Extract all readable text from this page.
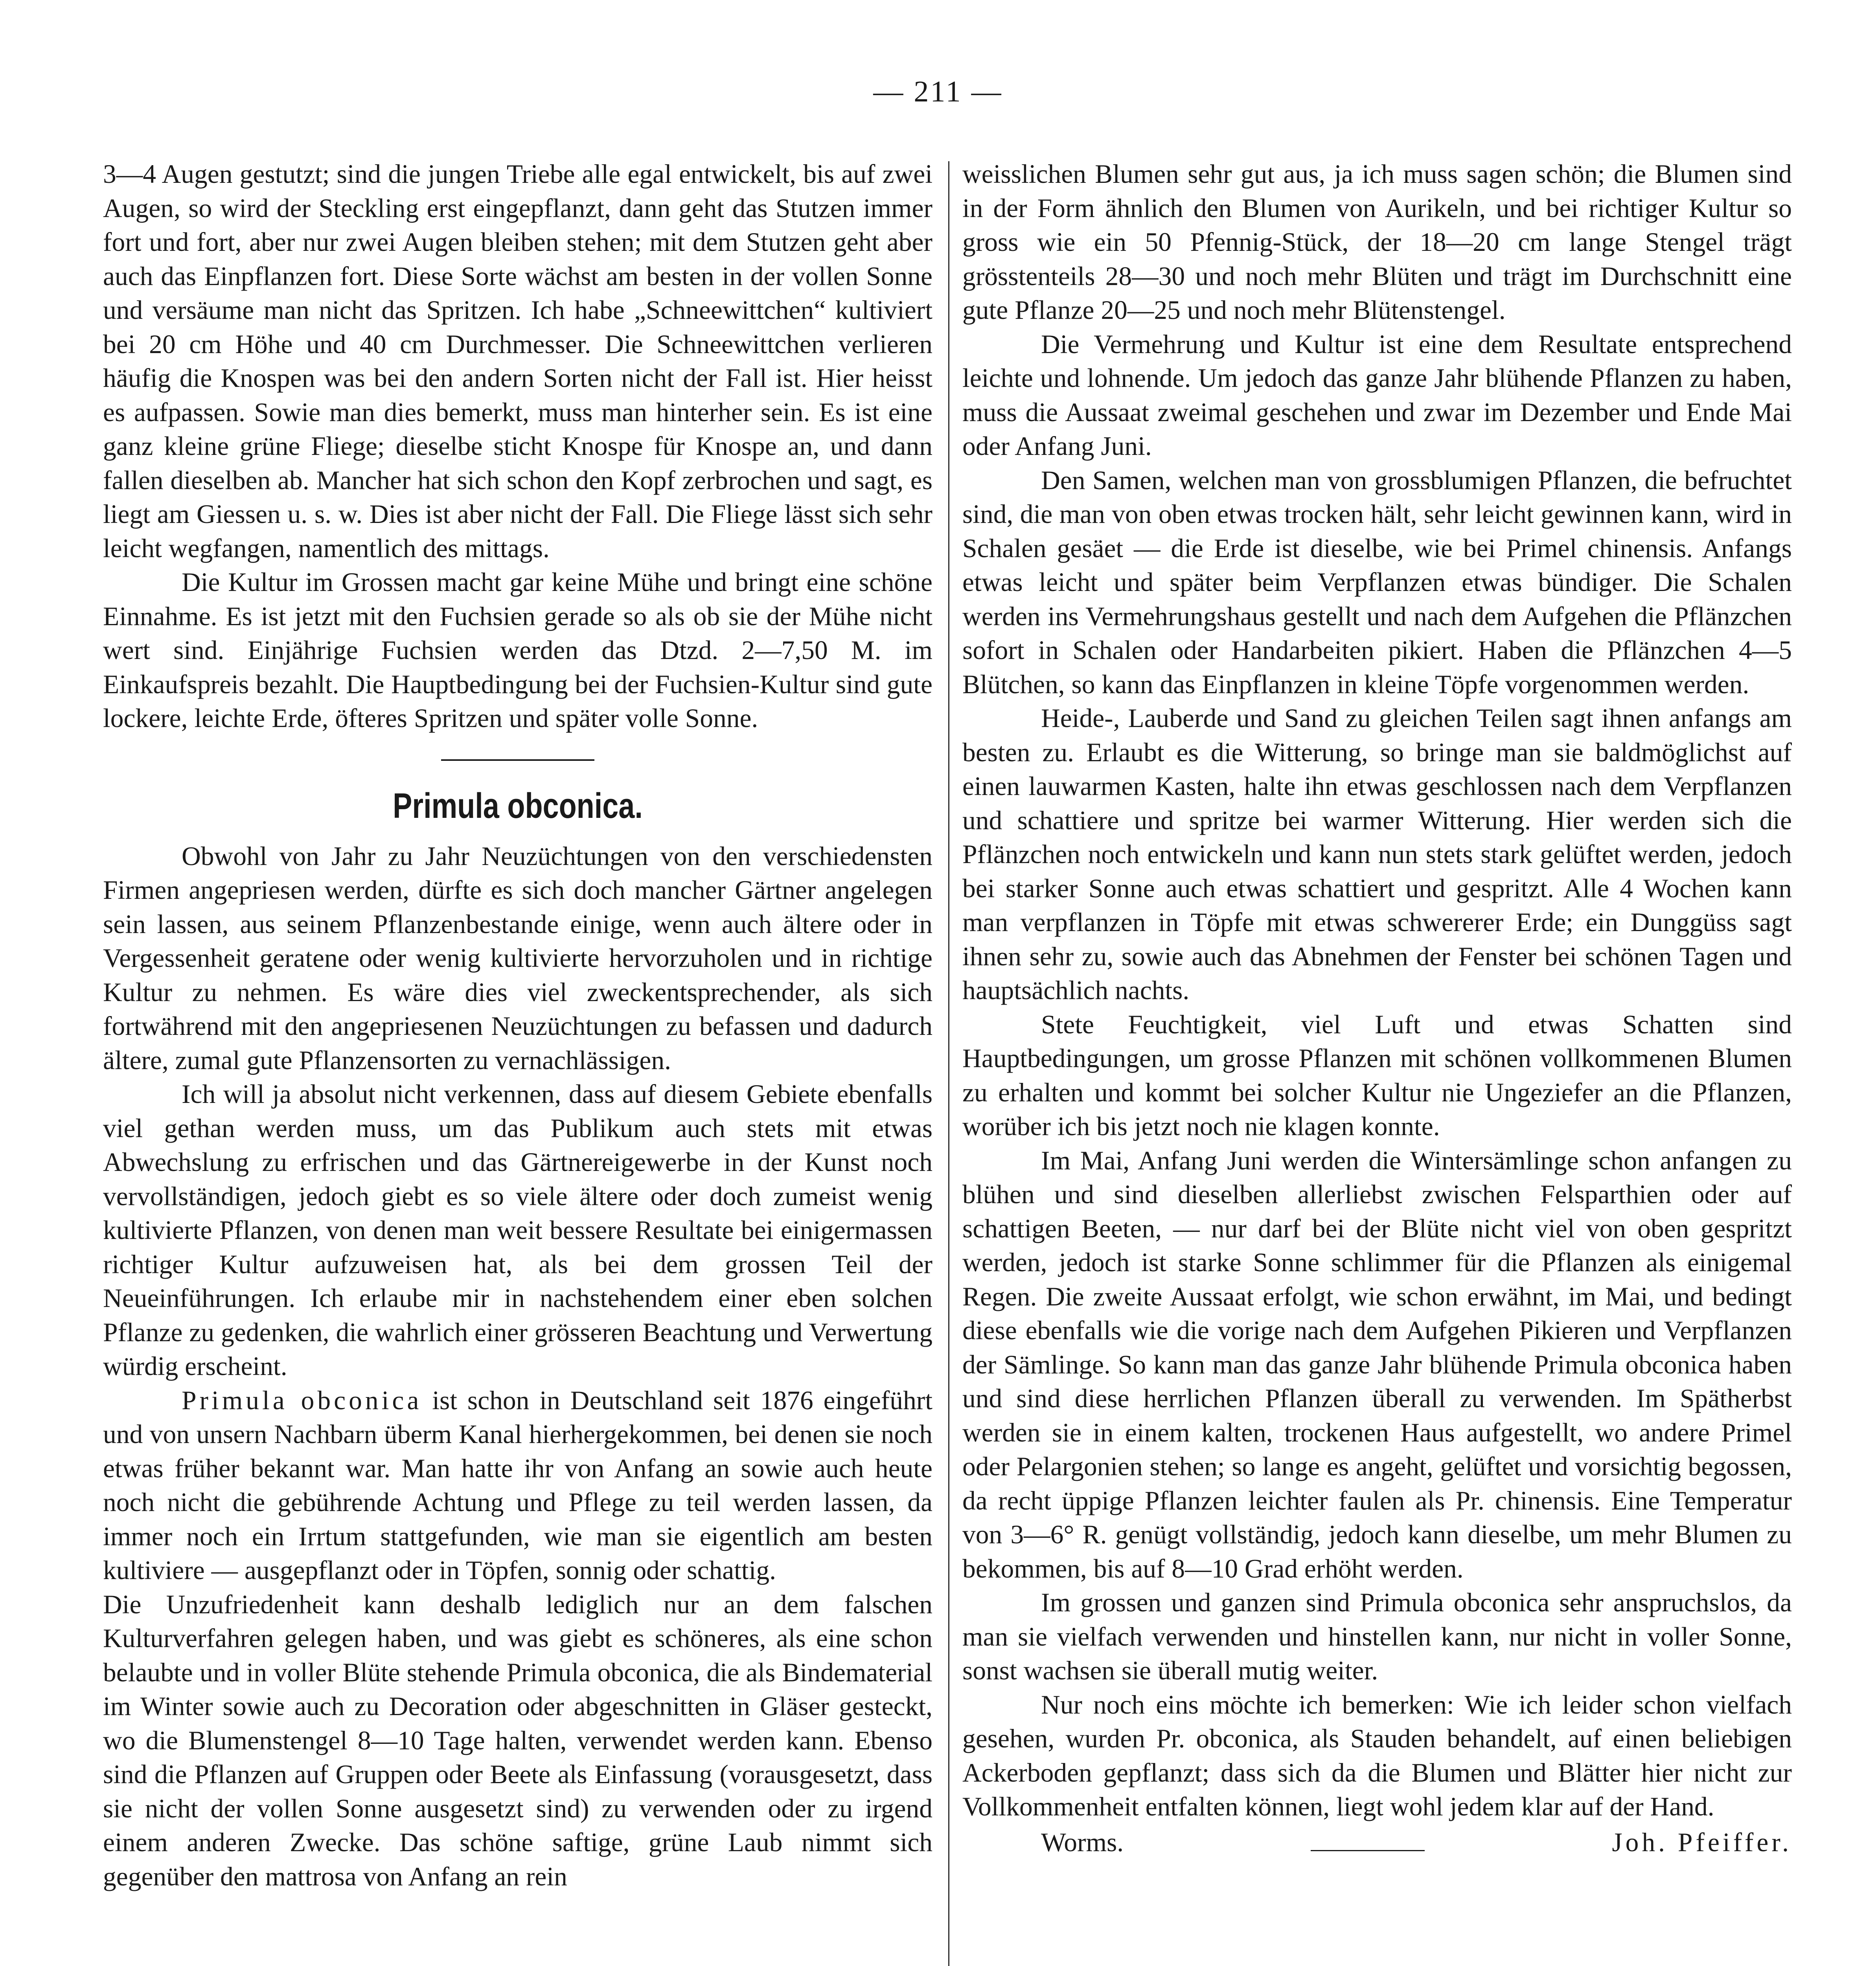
— 211 —

3—4 Augen gestutzt; sind die jungen Triebe alle egal entwickelt, bis auf zwei Augen, so wird der Steckling erst eingepflanzt, dann geht das Stutzen immer fort und fort, aber nur zwei Augen bleiben stehen; mit dem Stutzen geht aber auch das Einpflanzen fort. Diese Sorte wächst am besten in der vollen Sonne und versäume man nicht das Spritzen. Ich habe „Schneewittchen“ kultiviert bei 20 cm Höhe und 40 cm Durchmesser. Die Schneewittchen verlieren häufig die Knospen was bei den andern Sorten nicht der Fall ist. Hier heisst es aufpassen. Sowie man dies bemerkt, muss man hinterher sein. Es ist eine ganz kleine grüne Fliege; dieselbe sticht Knospe für Knospe an, und dann fallen dieselben ab. Mancher hat sich schon den Kopf zerbrochen und sagt, es liegt am Giessen u. s. w. Dies ist aber nicht der Fall. Die Fliege lässt sich sehr leicht wegfangen, namentlich des mittags.

Die Kultur im Grossen macht gar keine Mühe und bringt eine schöne Einnahme. Es ist jetzt mit den Fuchsien gerade so als ob sie der Mühe nicht wert sind. Einjährige Fuchsien werden das Dtzd. 2—7,50 M. im Einkaufspreis bezahlt. Die Hauptbedingung bei der Fuchsien-Kultur sind gute lockere, leichte Erde, öfteres Spritzen und später volle Sonne.

Primula obconica.

Obwohl von Jahr zu Jahr Neuzüchtungen von den verschiedensten Firmen angepriesen werden, dürfte es sich doch mancher Gärtner angelegen sein lassen, aus seinem Pflanzenbestande einige, wenn auch ältere oder in Vergessenheit geratene oder wenig kultivierte hervorzuholen und in richtige Kultur zu nehmen. Es wäre dies viel zweckentsprechender, als sich fortwährend mit den angepriesenen Neuzüchtungen zu befassen und dadurch ältere, zumal gute Pflanzensorten zu vernachlässigen.

Ich will ja absolut nicht verkennen, dass auf diesem Gebiete ebenfalls viel gethan werden muss, um das Publikum auch stets mit etwas Abwechslung zu erfrischen und das Gärtnereigewerbe in der Kunst noch vervollständigen, jedoch giebt es so viele ältere oder doch zumeist wenig kultivierte Pflanzen, von denen man weit bessere Resultate bei einigermassen richtiger Kultur aufzuweisen hat, als bei dem grossen Teil der Neueinführungen. Ich erlaube mir in nachstehendem einer eben solchen Pflanze zu gedenken, die wahrlich einer grösseren Beachtung und Verwertung würdig erscheint.

Primula obconica ist schon in Deutschland seit 1876 eingeführt und von unsern Nachbarn überm Kanal hierhergekommen, bei denen sie noch etwas früher bekannt war. Man hatte ihr von Anfang an sowie auch heute noch nicht die gebührende Achtung und Pflege zu teil werden lassen, da immer noch ein Irrtum stattgefunden, wie man sie eigentlich am besten kultiviere — ausgepflanzt oder in Töpfen, sonnig oder schattig.

Die Unzufriedenheit kann deshalb lediglich nur an dem falschen Kulturverfahren gelegen haben, und was giebt es schöneres, als eine schon belaubte und in voller Blüte stehende Primula obconica, die als Bindematerial im Winter sowie auch zu Decoration oder abgeschnitten in Gläser gesteckt, wo die Blumenstengel 8—10 Tage halten, verwendet werden kann. Ebenso sind die Pflanzen auf Gruppen oder Beete als Einfassung (vorausgesetzt, dass sie nicht der vollen Sonne ausgesetzt sind) zu verwenden oder zu irgend einem anderen Zwecke. Das schöne saftige, grüne Laub nimmt sich gegenüber den mattrosa von Anfang an rein

weisslichen Blumen sehr gut aus, ja ich muss sagen schön; die Blumen sind in der Form ähnlich den Blumen von Aurikeln, und bei richtiger Kultur so gross wie ein 50 Pfennig-Stück, der 18—20 cm lange Stengel trägt grösstenteils 28—30 und noch mehr Blüten und trägt im Durchschnitt eine gute Pflanze 20—25 und noch mehr Blütenstengel.

Die Vermehrung und Kultur ist eine dem Resultate entsprechend leichte und lohnende. Um jedoch das ganze Jahr blühende Pflanzen zu haben, muss die Aussaat zweimal geschehen und zwar im Dezember und Ende Mai oder Anfang Juni.

Den Samen, welchen man von grossblumigen Pflanzen, die befruchtet sind, die man von oben etwas trocken hält, sehr leicht gewinnen kann, wird in Schalen gesäet — die Erde ist dieselbe, wie bei Primel chinensis. Anfangs etwas leicht und später beim Verpflanzen etwas bündiger. Die Schalen werden ins Vermehrungshaus gestellt und nach dem Aufgehen die Pflänzchen sofort in Schalen oder Handarbeiten pikiert. Haben die Pflänzchen 4—5 Blütchen, so kann das Einpflanzen in kleine Töpfe vorgenommen werden.

Heide-, Lauberde und Sand zu gleichen Teilen sagt ihnen anfangs am besten zu. Erlaubt es die Witterung, so bringe man sie baldmöglichst auf einen lauwarmen Kasten, halte ihn etwas geschlossen nach dem Verpflanzen und schattiere und spritze bei warmer Witterung. Hier werden sich die Pflänzchen noch entwickeln und kann nun stets stark gelüftet werden, jedoch bei starker Sonne auch etwas schattiert und gespritzt. Alle 4 Wochen kann man verpflanzen in Töpfe mit etwas schwererer Erde; ein Dunggüss sagt ihnen sehr zu, sowie auch das Abnehmen der Fenster bei schönen Tagen und hauptsächlich nachts.

Stete Feuchtigkeit, viel Luft und etwas Schatten sind Hauptbedingungen, um grosse Pflanzen mit schönen vollkommenen Blumen zu erhalten und kommt bei solcher Kultur nie Ungeziefer an die Pflanzen, worüber ich bis jetzt noch nie klagen konnte.

Im Mai, Anfang Juni werden die Wintersämlinge schon anfangen zu blühen und sind dieselben allerliebst zwischen Felsparthien oder auf schattigen Beeten, — nur darf bei der Blüte nicht viel von oben gespritzt werden, jedoch ist starke Sonne schlimmer für die Pflanzen als einigemal Regen. Die zweite Aussaat erfolgt, wie schon erwähnt, im Mai, und bedingt diese ebenfalls wie die vorige nach dem Aufgehen Pikieren und Verpflanzen der Sämlinge. So kann man das ganze Jahr blühende Primula obconica haben und sind diese herrlichen Pflanzen überall zu verwenden. Im Spätherbst werden sie in einem kalten, trockenen Haus aufgestellt, wo andere Primel oder Pelargonien stehen; so lange es angeht, gelüftet und vorsichtig begossen, da recht üppige Pflanzen leichter faulen als Pr. chinensis. Eine Temperatur von 3—6° R. genügt vollständig, jedoch kann dieselbe, um mehr Blumen zu bekommen, bis auf 8—10 Grad erhöht werden.

Im grossen und ganzen sind Primula obconica sehr anspruchslos, da man sie vielfach verwenden und hinstellen kann, nur nicht in voller Sonne, sonst wachsen sie überall mutig weiter.

Nur noch eins möchte ich bemerken: Wie ich leider schon vielfach gesehen, wurden Pr. obconica, als Stauden behandelt, auf einen beliebigen Ackerboden gepflanzt; dass sich da die Blumen und Blätter hier nicht zur Vollkommenheit entfalten können, liegt wohl jedem klar auf der Hand.

Worms.	Joh. Pfeiffer.
